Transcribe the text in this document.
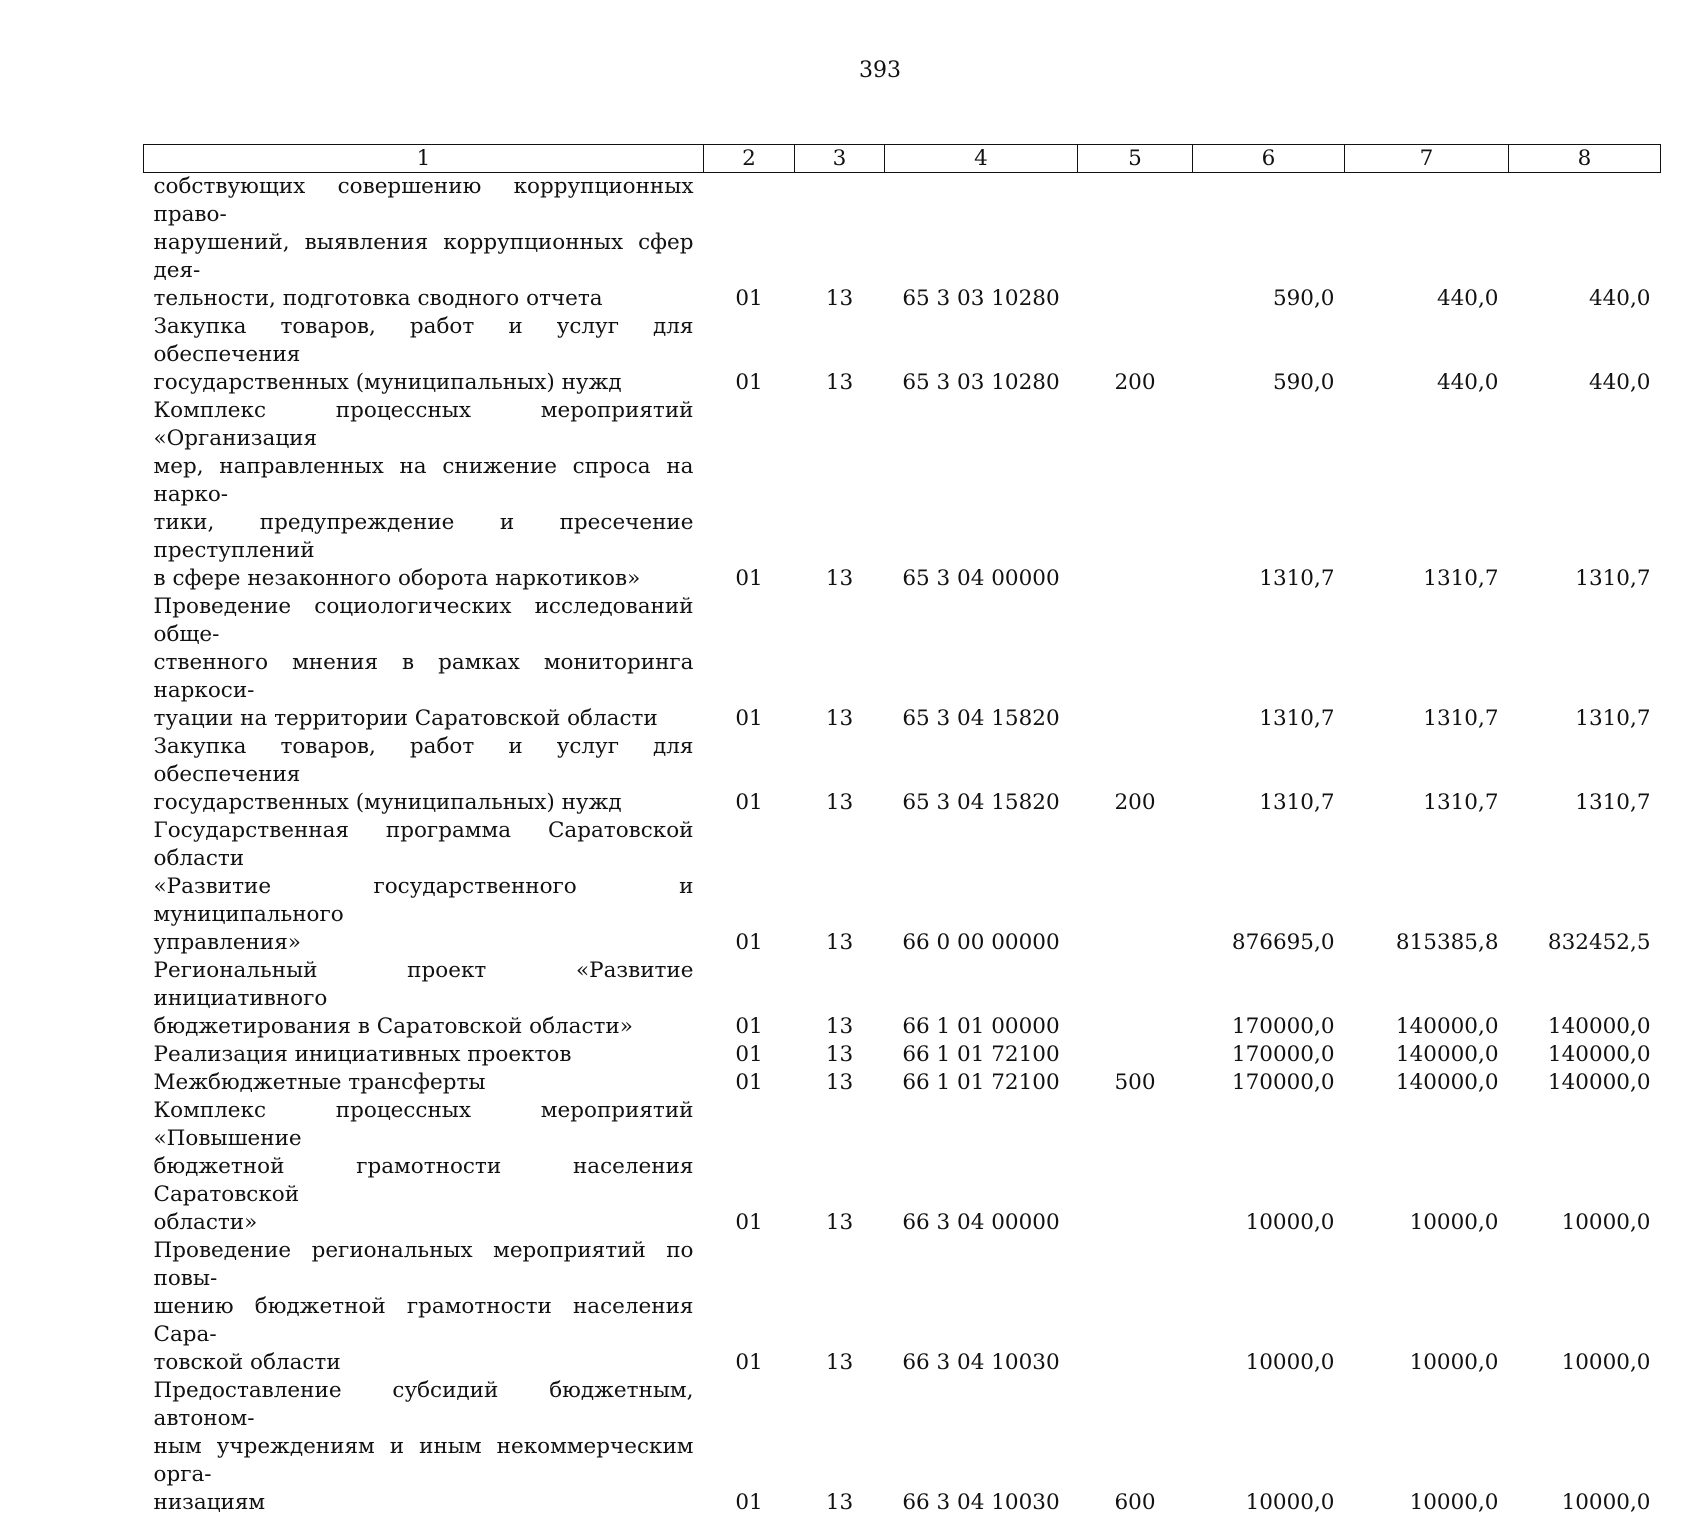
393
1	2	3	4	5	6	7	8

собствующих совершению коррупционных право-
нарушений, выявления коррупционных сфер дея-
тельности, подготовка сводного отчета	01	13	65 3 03 10280		590,0	440,0	440,0

Закупка товаров, работ и услуг для обеспечения
государственных (муниципальных) нужд	01	13	65 3 03 10280	200	590,0	440,0	440,0

Комплекс процессных мероприятий «Организация
мер, направленных на снижение спроса на нарко-
тики, предупреждение и пресечение преступлений
в сфере незаконного оборота наркотиков»	01	13	65 3 04 00000		1310,7	1310,7	1310,7

Проведение социологических исследований обще-
ственного мнения в рамках мониторинга наркоси-
туации на территории Саратовской области	01	13	65 3 04 15820		1310,7	1310,7	1310,7

Закупка товаров, работ и услуг для обеспечения
государственных (муниципальных) нужд	01	13	65 3 04 15820	200	1310,7	1310,7	1310,7

Государственная программа Саратовской области
«Развитие государственного и муниципального
управления»	01	13	66 0 00 00000		876695,0	815385,8	832452,5

Региональный проект «Развитие инициативного
бюджетирования в Саратовской области»	01	13	66 1 01 00000		170000,0	140000,0	140000,0

Реализация инициативных проектов	01	13	66 1 01 72100		170000,0	140000,0	140000,0

Межбюджетные трансферты	01	13	66 1 01 72100	500	170000,0	140000,0	140000,0

Комплекс процессных мероприятий «Повышение
бюджетной грамотности населения Саратовской
области»	01	13	66 3 04 00000		10000,0	10000,0	10000,0

Проведение региональных мероприятий по повы-
шению бюджетной грамотности населения Сара-
товской области	01	13	66 3 04 10030		10000,0	10000,0	10000,0

Предоставление субсидий бюджетным, автоном-
ным учреждениям и иным некоммерческим орга-
низациям	01	13	66 3 04 10030	600	10000,0	10000,0	10000,0
